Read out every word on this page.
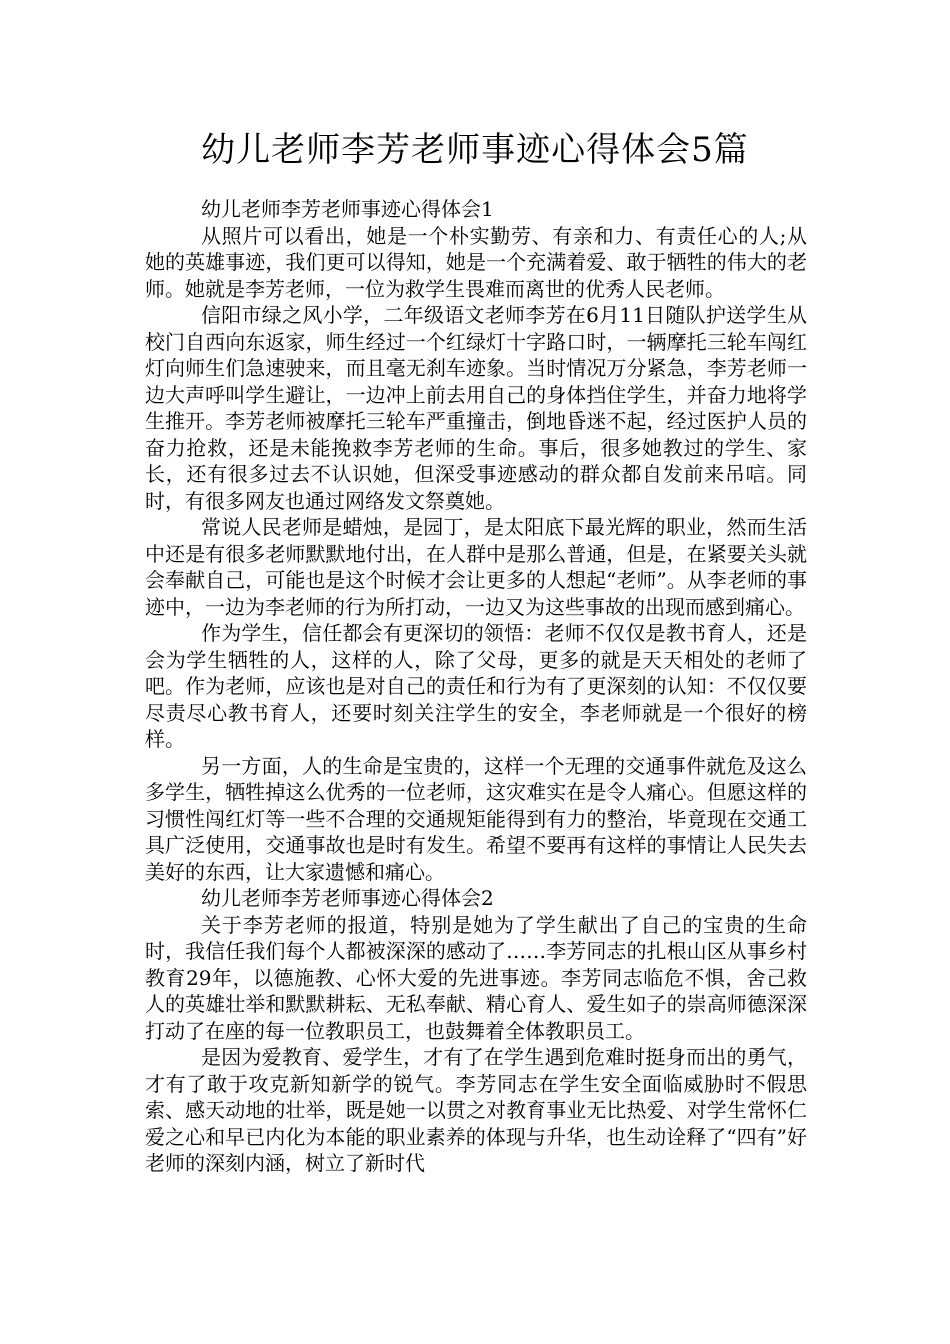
幼儿老师李芳老师事迹心得体会5篇
幼儿老师李芳老师事迹心得体会1

从照片可以看出，她是一个朴实勤劳、有亲和力、有责任心的人;从她的英雄事迹，我们更可以得知，她是一个充满着爱、敢于牺牲的伟大的老师。她就是李芳老师，一位为救学生畏难而离世的优秀人民老师。

信阳市绿之风小学，二年级语文老师李芳在6月11日随队护送学生从校门自西向东返家，师生经过一个红绿灯十字路口时，一辆摩托三轮车闯红灯向师生们急速驶来，而且毫无刹车迹象。当时情况万分紧急，李芳老师一边大声呼叫学生避让，一边冲上前去用自己的身体挡住学生，并奋力地将学生推开。李芳老师被摩托三轮车严重撞击，倒地昏迷不起，经过医护人员的奋力抢救，还是未能挽救李芳老师的生命。事后，很多她教过的学生、家长，还有很多过去不认识她，但深受事迹感动的群众都自发前来吊唁。同时，有很多网友也通过网络发文祭奠她。

常说人民老师是蜡烛，是园丁，是太阳底下最光辉的职业，然而生活中还是有很多老师默默地付出，在人群中是那么普通，但是，在紧要关头就会奉献自己，可能也是这个时候才会让更多的人想起“老师”。从李老师的事迹中，一边为李老师的行为所打动，一边又为这些事故的出现而感到痛心。

作为学生，信任都会有更深切的领悟：老师不仅仅是教书育人，还是会为学生牺牲的人，这样的人，除了父母，更多的就是天天相处的老师了吧。作为老师，应该也是对自己的责任和行为有了更深刻的认知：不仅仅要尽责尽心教书育人，还要时刻关注学生的安全，李老师就是一个很好的榜样。

另一方面，人的生命是宝贵的，这样一个无理的交通事件就危及这么多学生，牺牲掉这么优秀的一位老师，这灾难实在是令人痛心。但愿这样的习惯性闯红灯等一些不合理的交通规矩能得到有力的整治，毕竟现在交通工具广泛使用，交通事故也是时有发生。希望不要再有这样的事情让人民失去美好的东西，让大家遗憾和痛心。

幼儿老师李芳老师事迹心得体会2

关于李芳老师的报道，特别是她为了学生献出了自己的宝贵的生命时，我信任我们每个人都被深深的感动了……李芳同志的扎根山区从事乡村教育29年，以德施教、心怀大爱的先进事迹。李芳同志临危不惧，舍己救人的英雄壮举和默默耕耘、无私奉献、精心育人、爱生如子的崇高师德深深打动了在座的每一位教职员工，也鼓舞着全体教职员工。

是因为爱教育、爱学生，才有了在学生遇到危难时挺身而出的勇气，才有了敢于攻克新知新学的锐气。李芳同志在学生安全面临威胁时不假思索、感天动地的壮举，既是她一以贯之对教育事业无比热爱、对学生常怀仁爱之心和早已内化为本能的职业素养的体现与升华，也生动诠释了“四有”好老师的深刻内涵，树立了新时代
